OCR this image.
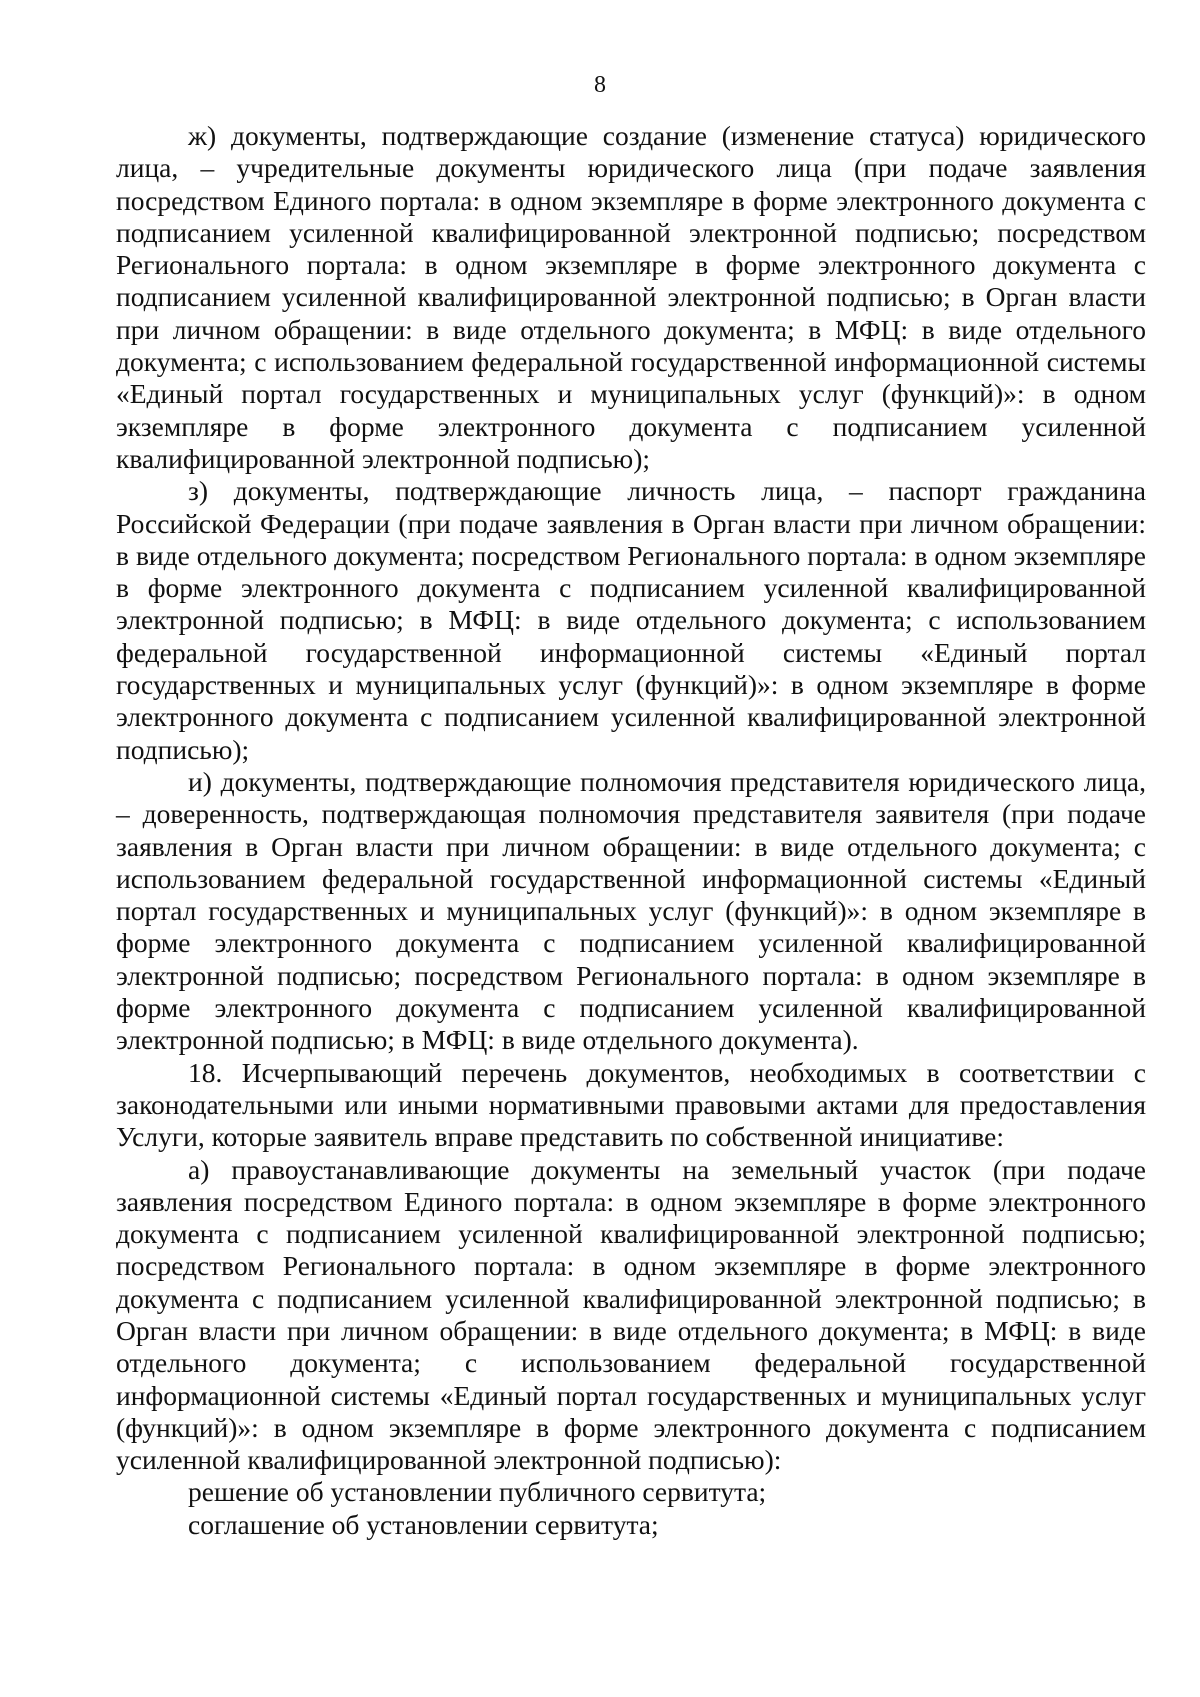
8

ж) документы, подтверждающие создание (изменение статуса) юридического лица, – учредительные документы юридического лица (при подаче заявления посредством Единого портала: в одном экземпляре в форме электронного документа с подписанием усиленной квалифицированной электронной подписью; посредством Регионального портала: в одном экземпляре в форме электронного документа с подписанием усиленной квалифицированной электронной подписью; в Орган власти при личном обращении: в виде отдельного документа; в МФЦ: в виде отдельного документа; с использованием федеральной государственной информационной системы «Единый портал государственных и муниципальных услуг (функций)»: в одном экземпляре в форме электронного документа с подписанием усиленной квалифицированной электронной подписью);

з) документы, подтверждающие личность лица, – паспорт гражданина Российской Федерации (при подаче заявления в Орган власти при личном обращении: в виде отдельного документа; посредством Регионального портала: в одном экземпляре в форме электронного документа с подписанием усиленной квалифицированной электронной подписью; в МФЦ: в виде отдельного документа; с использованием федеральной государственной информационной системы «Единый портал государственных и муниципальных услуг (функций)»: в одном экземпляре в форме электронного документа с подписанием усиленной квалифицированной электронной подписью);

и) документы, подтверждающие полномочия представителя юридического лица, – доверенность, подтверждающая полномочия представителя заявителя (при подаче заявления в Орган власти при личном обращении: в виде отдельного документа; с использованием федеральной государственной информационной системы «Единый портал государственных и муниципальных услуг (функций)»: в одном экземпляре в форме электронного документа с подписанием усиленной квалифицированной электронной подписью; посредством Регионального портала: в одном экземпляре в форме электронного документа с подписанием усиленной квалифицированной электронной подписью; в МФЦ: в виде отдельного документа).

18. Исчерпывающий перечень документов, необходимых в соответствии с законодательными или иными нормативными правовыми актами для предоставления Услуги, которые заявитель вправе представить по собственной инициативе:

а) правоустанавливающие документы на земельный участок (при подаче заявления посредством Единого портала: в одном экземпляре в форме электронного документа с подписанием усиленной квалифицированной электронной подписью; посредством Регионального портала: в одном экземпляре в форме электронного документа с подписанием усиленной квалифицированной электронной подписью; в Орган власти при личном обращении: в виде отдельного документа; в МФЦ: в виде отдельного документа; с использованием федеральной государственной информационной системы «Единый портал государственных и муниципальных услуг (функций)»: в одном экземпляре в форме электронного документа с подписанием усиленной квалифицированной электронной подписью):

решение об установлении публичного сервитута;

соглашение об установлении сервитута;
